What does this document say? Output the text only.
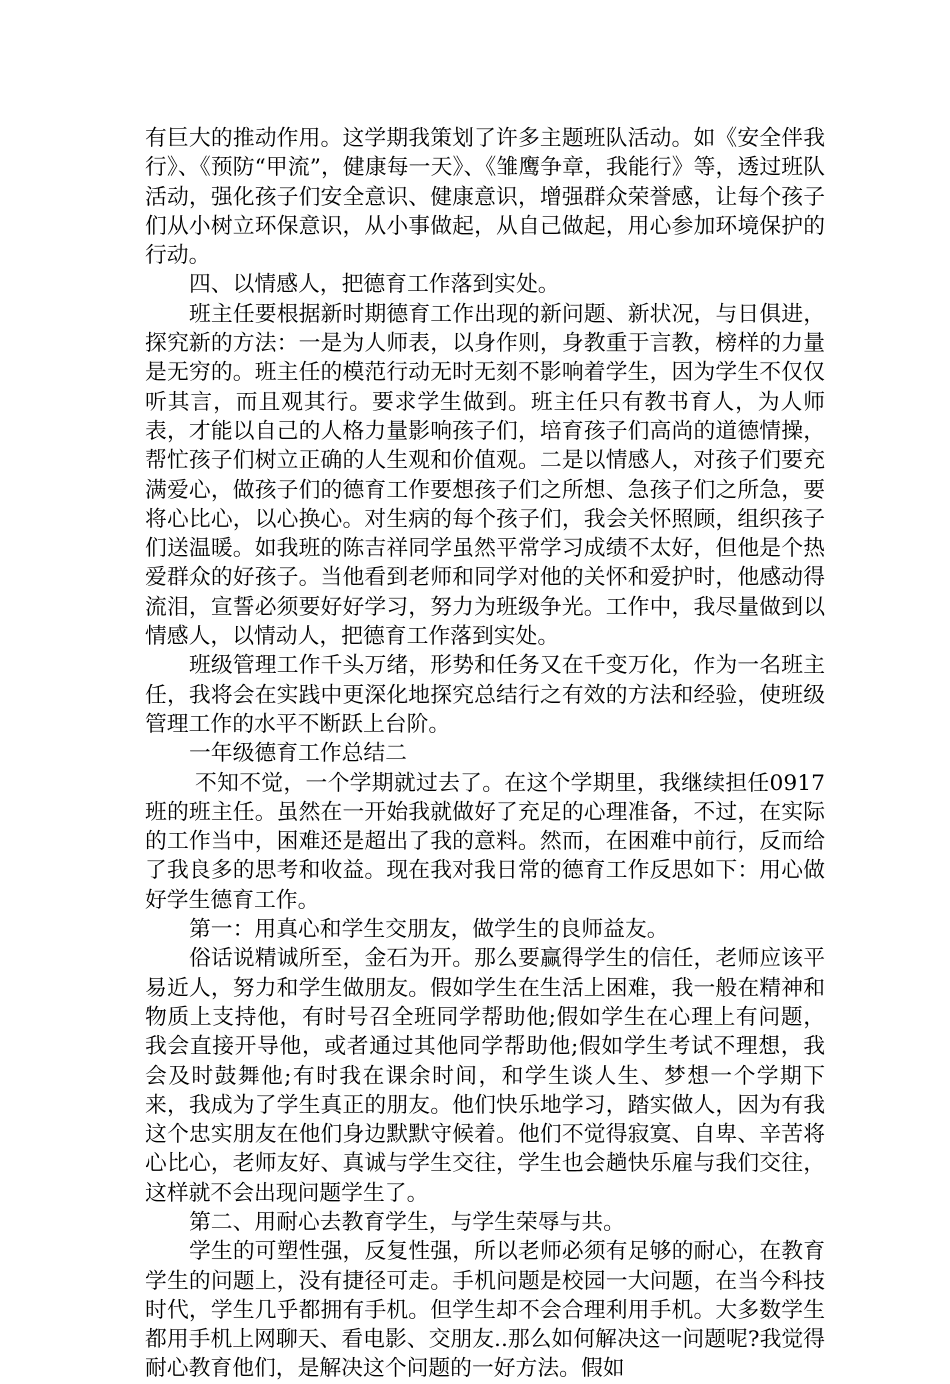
有巨大的推动作用。这学期我策划了许多主题班队活动。如《安全伴我行》、《预防“甲流”，健康每一天》、《雏鹰争章，我能行》等，透过班队活动，强化孩子们安全意识、健康意识，增强群众荣誉感，让每个孩子们从小树立环保意识，从小事做起，从自己做起，用心参加环境保护的行动。

四、以情感人，把德育工作落到实处。

班主任要根据新时期德育工作出现的新问题、新状况，与日俱进，探究新的方法：一是为人师表，以身作则，身教重于言教，榜样的力量是无穷的。班主任的模范行动无时无刻不影响着学生，因为学生不仅仅听其言，而且观其行。要求学生做到。班主任只有教书育人，为人师表，才能以自己的人格力量影响孩子们，培育孩子们高尚的道德情操，帮忙孩子们树立正确的人生观和价值观。二是以情感人，对孩子们要充满爱心，做孩子们的德育工作要想孩子们之所想、急孩子们之所急，要将心比心，以心换心。对生病的每个孩子们，我会关怀照顾，组织孩子们送温暖。如我班的陈吉祥同学虽然平常学习成绩不太好，但他是个热爱群众的好孩子。当他看到老师和同学对他的关怀和爱护时，他感动得流泪，宣誓必须要好好学习，努力为班级争光。工作中，我尽量做到以情感人，以情动人，把德育工作落到实处。

班级管理工作千头万绪，形势和任务又在千变万化，作为一名班主任，我将会在实践中更深化地探究总结行之有效的方法和经验，使班级管理工作的水平不断跃上台阶。

一年级德育工作总结二

不知不觉，一个学期就过去了。在这个学期里，我继续担任0917班的班主任。虽然在一开始我就做好了充足的心理准备，不过，在实际的工作当中，困难还是超出了我的意料。然而，在困难中前行，反而给了我良多的思考和收益。现在我对我日常的德育工作反思如下：用心做好学生德育工作。

第一：用真心和学生交朋友，做学生的良师益友。

俗话说精诚所至，金石为开。那么要赢得学生的信任，老师应该平易近人，努力和学生做朋友。假如学生在生活上困难，我一般在精神和物质上支持他，有时号召全班同学帮助他;假如学生在心理上有问题，我会直接开导他，或者通过其他同学帮助他;假如学生考试不理想，我会及时鼓舞他;有时我在课余时间，和学生谈人生、梦想一个学期下来，我成为了学生真正的朋友。他们快乐地学习，踏实做人，因为有我这个忠实朋友在他们身边默默守候着。他们不觉得寂寞、自卑、辛苦将心比心，老师友好、真诚与学生交往，学生也会趟快乐雇与我们交往，这样就不会出现问题学生了。

第二、用耐心去教育学生，与学生荣辱与共。

学生的可塑性强，反复性强，所以老师必须有足够的耐心，在教育学生的问题上，没有捷径可走。手机问题是校园一大问题，在当今科技时代，学生几乎都拥有手机。但学生却不会合理利用手机。大多数学生都用手机上网聊天、看电影、交朋友..那么如何解决这一问题呢?我觉得耐心教育他们，是解决这个问题的一好方法。假如
